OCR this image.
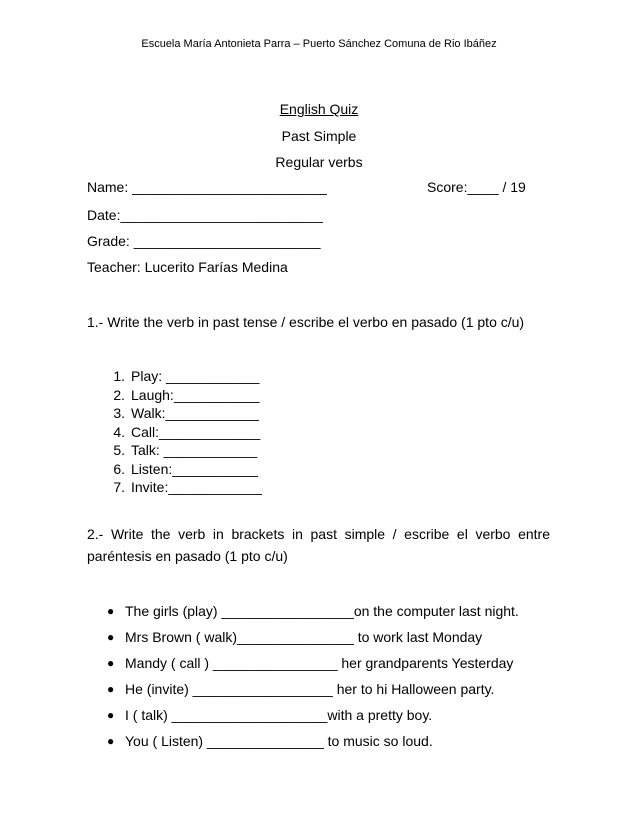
Escuela María Antonieta Parra – Puerto Sánchez Comuna de Rio Ibáñez
English Quiz
Past Simple
Regular verbs
Name: _________________________	Score:____ / 19
Date:__________________________
Grade: ________________________
Teacher: Lucerito Farías Medina
1.- Write the verb in past tense / escribe el verbo en pasado (1 pto c/u)
1. Play: ____________
2. Laugh:___________
3. Walk:____________
4. Call:_____________
5. Talk: ____________
6. Listen:___________
7. Invite:____________
2.- Write the verb in brackets in past simple / escribe el verbo entre paréntesis en pasado (1 pto c/u)
● The girls (play) _________________on the computer last night.
● Mrs Brown ( walk)_______________ to work last Monday
● Mandy ( call ) ________________ her grandparents Yesterday
● He (invite) __________________ her to hi Halloween party.
● I ( talk) ____________________with a pretty boy.
● You ( Listen) _______________ to music so loud.
